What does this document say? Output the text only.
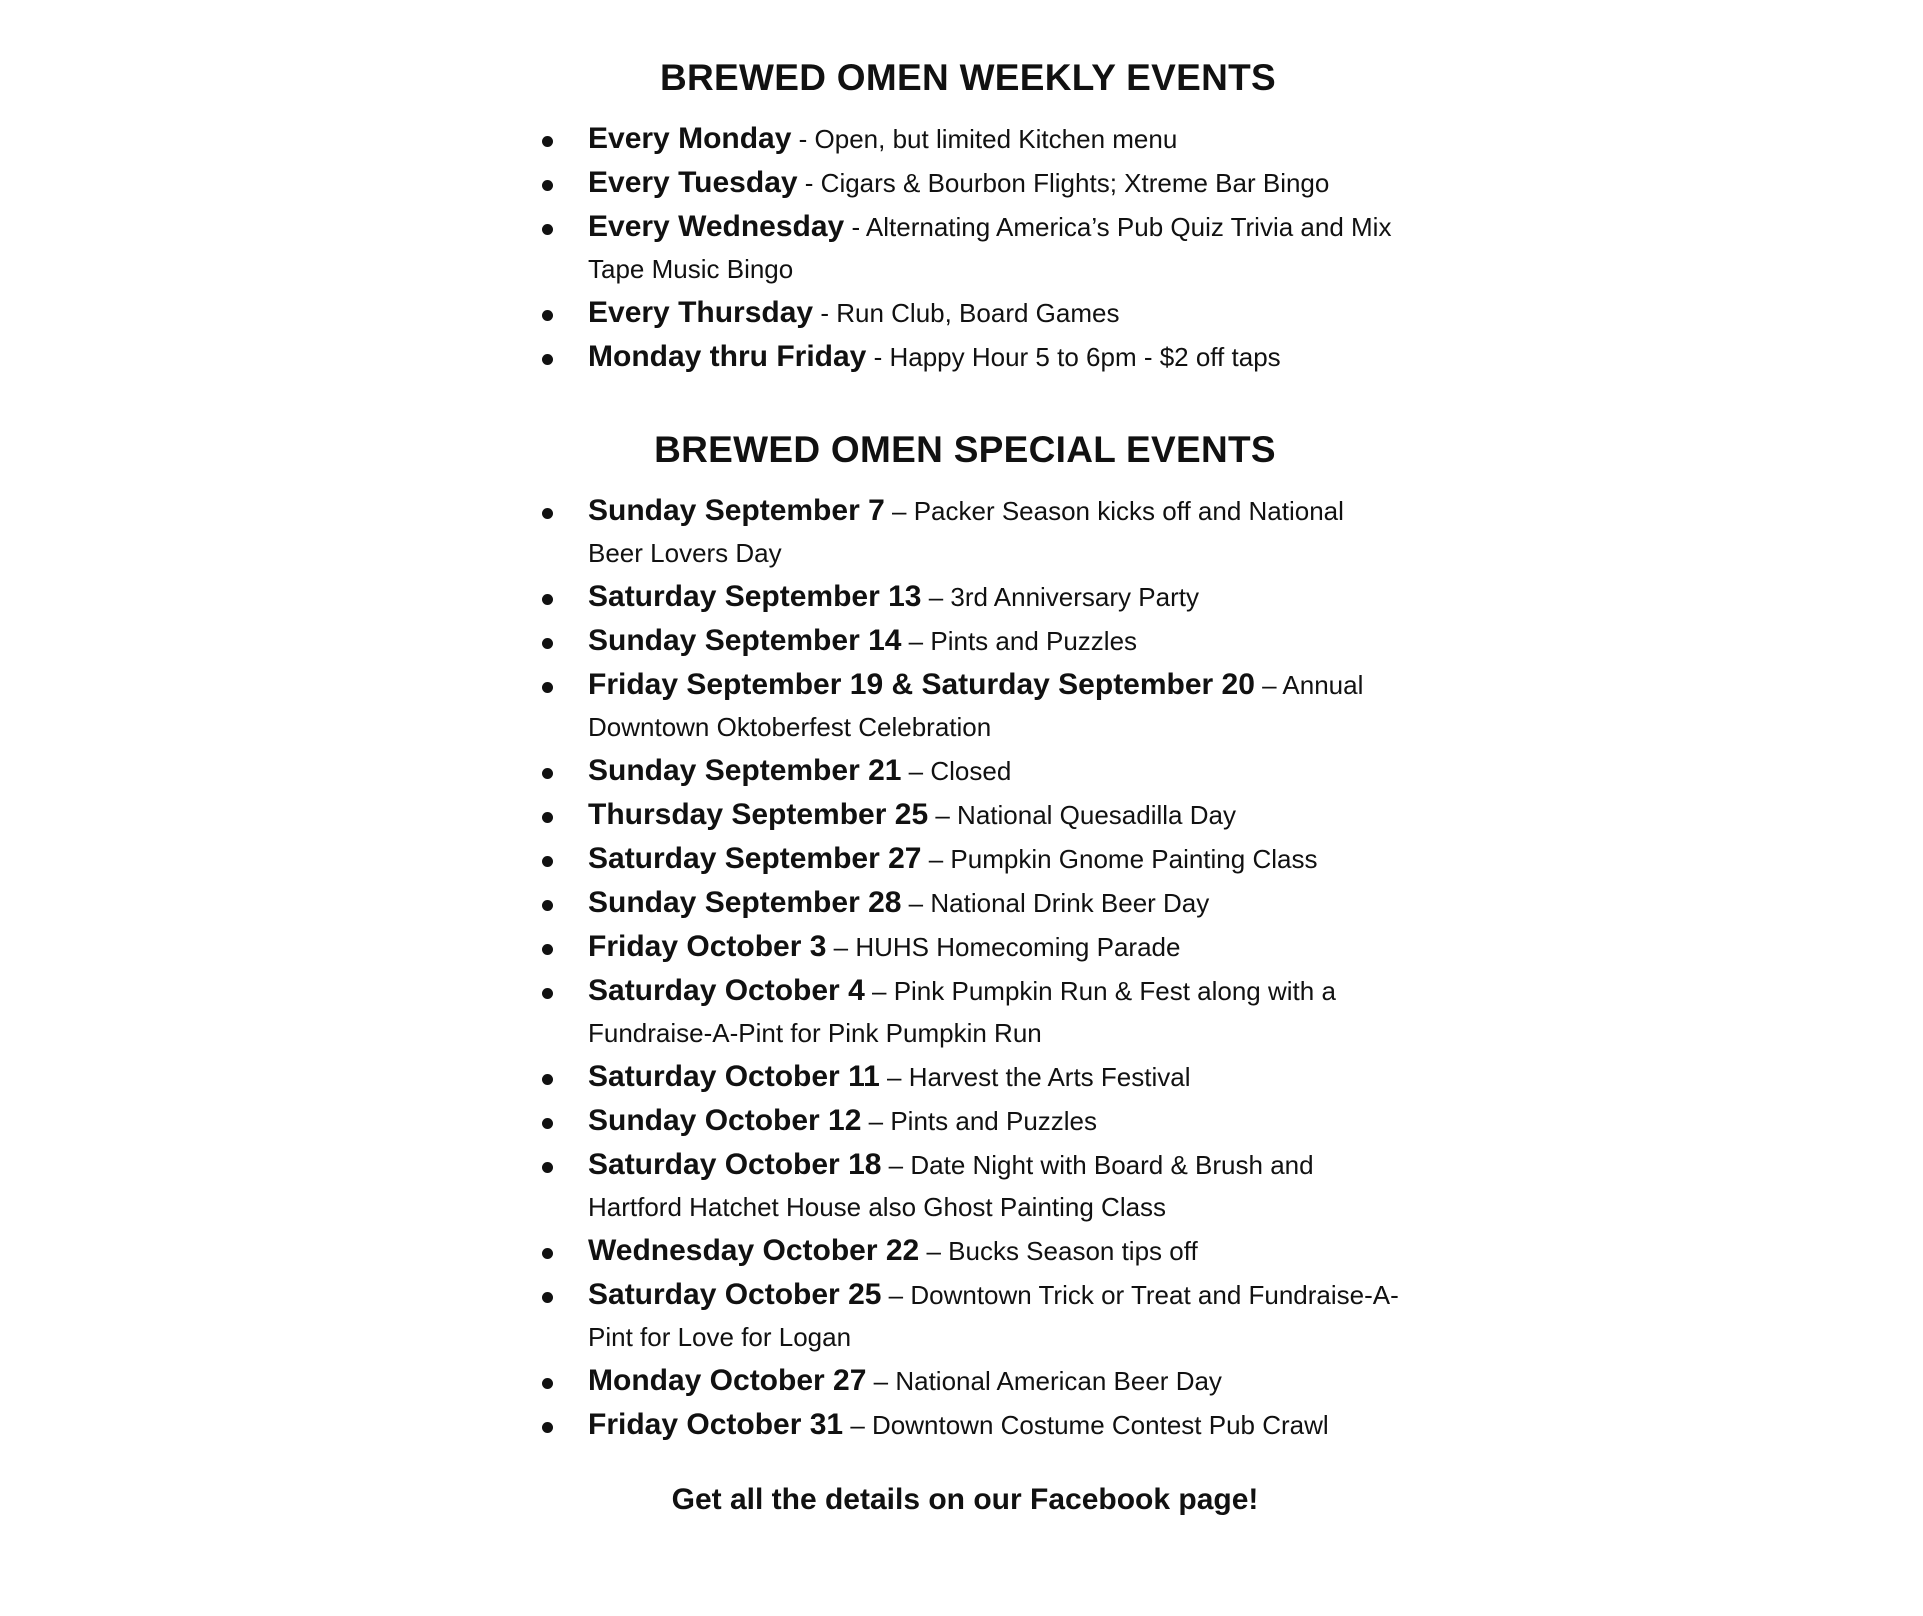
BREWED OMEN WEEKLY EVENTS
Every Monday - Open, but limited Kitchen menu
Every Tuesday - Cigars & Bourbon Flights; Xtreme Bar Bingo
Every Wednesday - Alternating America’s Pub Quiz Trivia and Mix Tape Music Bingo
Every Thursday - Run Club, Board Games
Monday thru Friday - Happy Hour 5 to 6pm - $2 off taps
BREWED OMEN SPECIAL EVENTS
Sunday September 7 – Packer Season kicks off and National Beer Lovers Day
Saturday September 13 – 3rd Anniversary Party
Sunday September 14 – Pints and Puzzles
Friday September 19 & Saturday September 20 – Annual Downtown Oktoberfest Celebration
Sunday September 21 – Closed
Thursday September 25 – National Quesadilla Day
Saturday September 27 – Pumpkin Gnome Painting Class
Sunday September 28 – National Drink Beer Day
Friday October 3 – HUHS Homecoming Parade
Saturday October 4 – Pink Pumpkin Run & Fest along with a Fundraise-A-Pint for Pink Pumpkin Run
Saturday October 11 – Harvest the Arts Festival
Sunday October 12 – Pints and Puzzles
Saturday October 18 – Date Night with Board & Brush and Hartford Hatchet House also Ghost Painting Class
Wednesday October 22 – Bucks Season tips off
Saturday October 25 – Downtown Trick or Treat and Fundraise-A-Pint for Love for Logan
Monday October 27 – National American Beer Day
Friday October 31 – Downtown Costume Contest Pub Crawl
Get all the details on our Facebook page!
